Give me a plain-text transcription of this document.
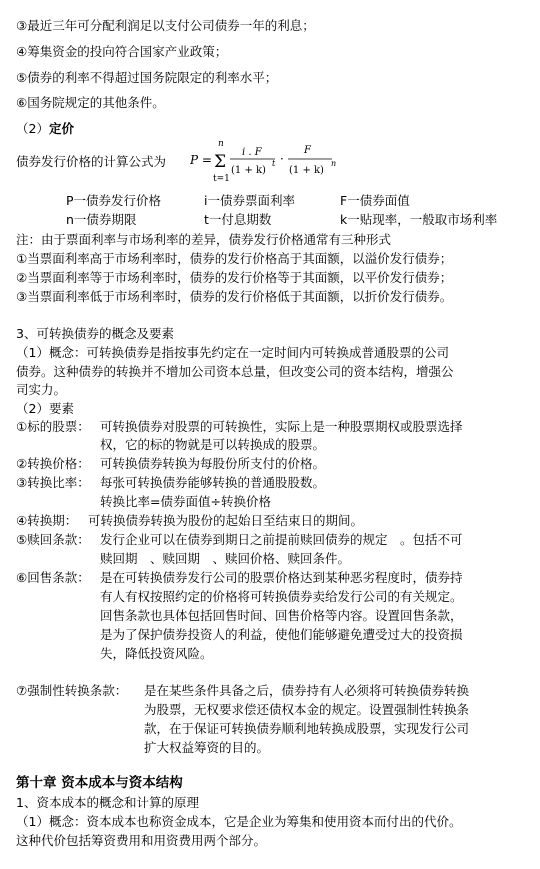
③最近三年可分配利润足以支付公司债券一年的利息；
④筹集资金的投向符合国家产业政策；
⑤债券的利率不得超过国务院限定的利率水平；
⑥国务院规定的其他条件。
（2）定价
债券发行价格的计算公式为 P =
n
Σ
t=1
i . F
(1 + k)
t ·
F
(1 + k)
n
P一债券发行价格	i一债券票面利率	F一债券面值
n一债券期限	t一付息期数	k一贴现率，一般取市场利率
注：由于票面利率与市场利率的差异，债券发行价格通常有三种形式
①当票面利率高于市场利率时，债券的发行价格高于其面额，以溢价发行债券；
②当票面利率等于市场利率时，债券的发行价格等于其面额，以平价发行债券；
③当票面利率低于市场利率时，债券的发行价格低于其面额，以折价发行债券。
3、可转换债券的概念及要素
（1）概念：可转换债券是指按事先约定在一定时间内可转换成普通股票的公司
债券。这种债券的转换并不增加公司资本总量，但改变公司的资本结构，增强公
司实力。
（2）要素
①标的股票： 可转换债券对股票的可转换性，实际上是一种股票期权或股票选择
权，它的标的物就是可以转换成的股票。
②转换价格： 可转换债券转换为每股份所支付的价格。
③转换比率： 每张可转换债券能够转换的普通股股数。
转换比率=债券面值÷转换价格
④转换期： 可转换债券转换为股份的起始日至结束日的期间。
⑤赎回条款： 发行企业可以在债券到期日之前提前赎回债券的规定　。包括不可
赎回期　、赎回期　、赎回价格、赎回条件。
⑥回售条款： 是在可转换债券发行公司的股票价格达到某种恶劣程度时，债券持
有人有权按照约定的价格将可转换债券卖给发行公司的有关规定。
回售条款也具体包括回售时间、回售价格等内容。设置回售条款，
是为了保护债券投资人的利益，使他们能够避免遭受过大的投资损
失，降低投资风险。
⑦强制性转换条款： 是在某些条件具备之后，债券持有人必须将可转换债券转换
为股票，无权要求偿还债权本金的规定。设置强制性转换条
款，在于保证可转换债券顺利地转换成股票，实现发行公司
扩大权益筹资的目的。
第十章 资本成本与资本结构
1、资本成本的概念和计算的原理
（1）概念：资本成本也称资金成本，它是企业为筹集和使用资本而付出的代价。
这种代价包括筹资费用和用资费用两个部分。
